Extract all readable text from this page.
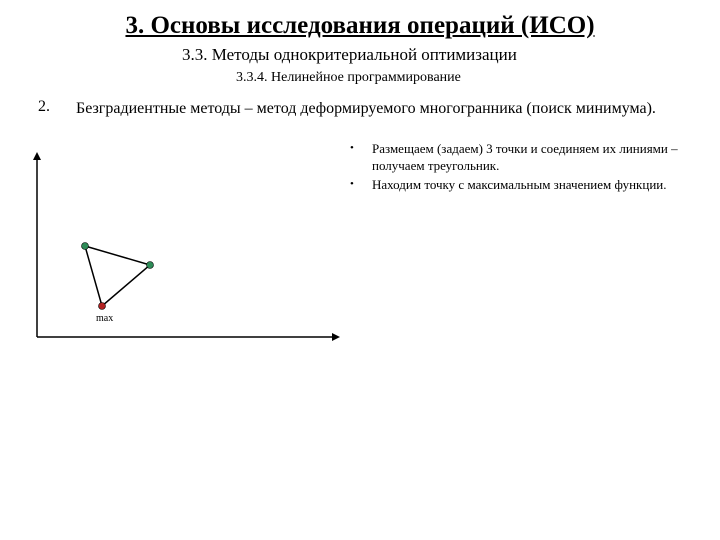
3. Основы исследования операций (ИСО)
3.3. Методы однокритериальной оптимизации
3.3.4. Нелинейное программирование
2. Безградиентные методы – метод деформируемого многогранника (поиск минимума).
• Размещаем (задаем) 3 точки и соединяем их линиями – получаем треугольник.
• Находим точку с максимальным значением функции.
max
